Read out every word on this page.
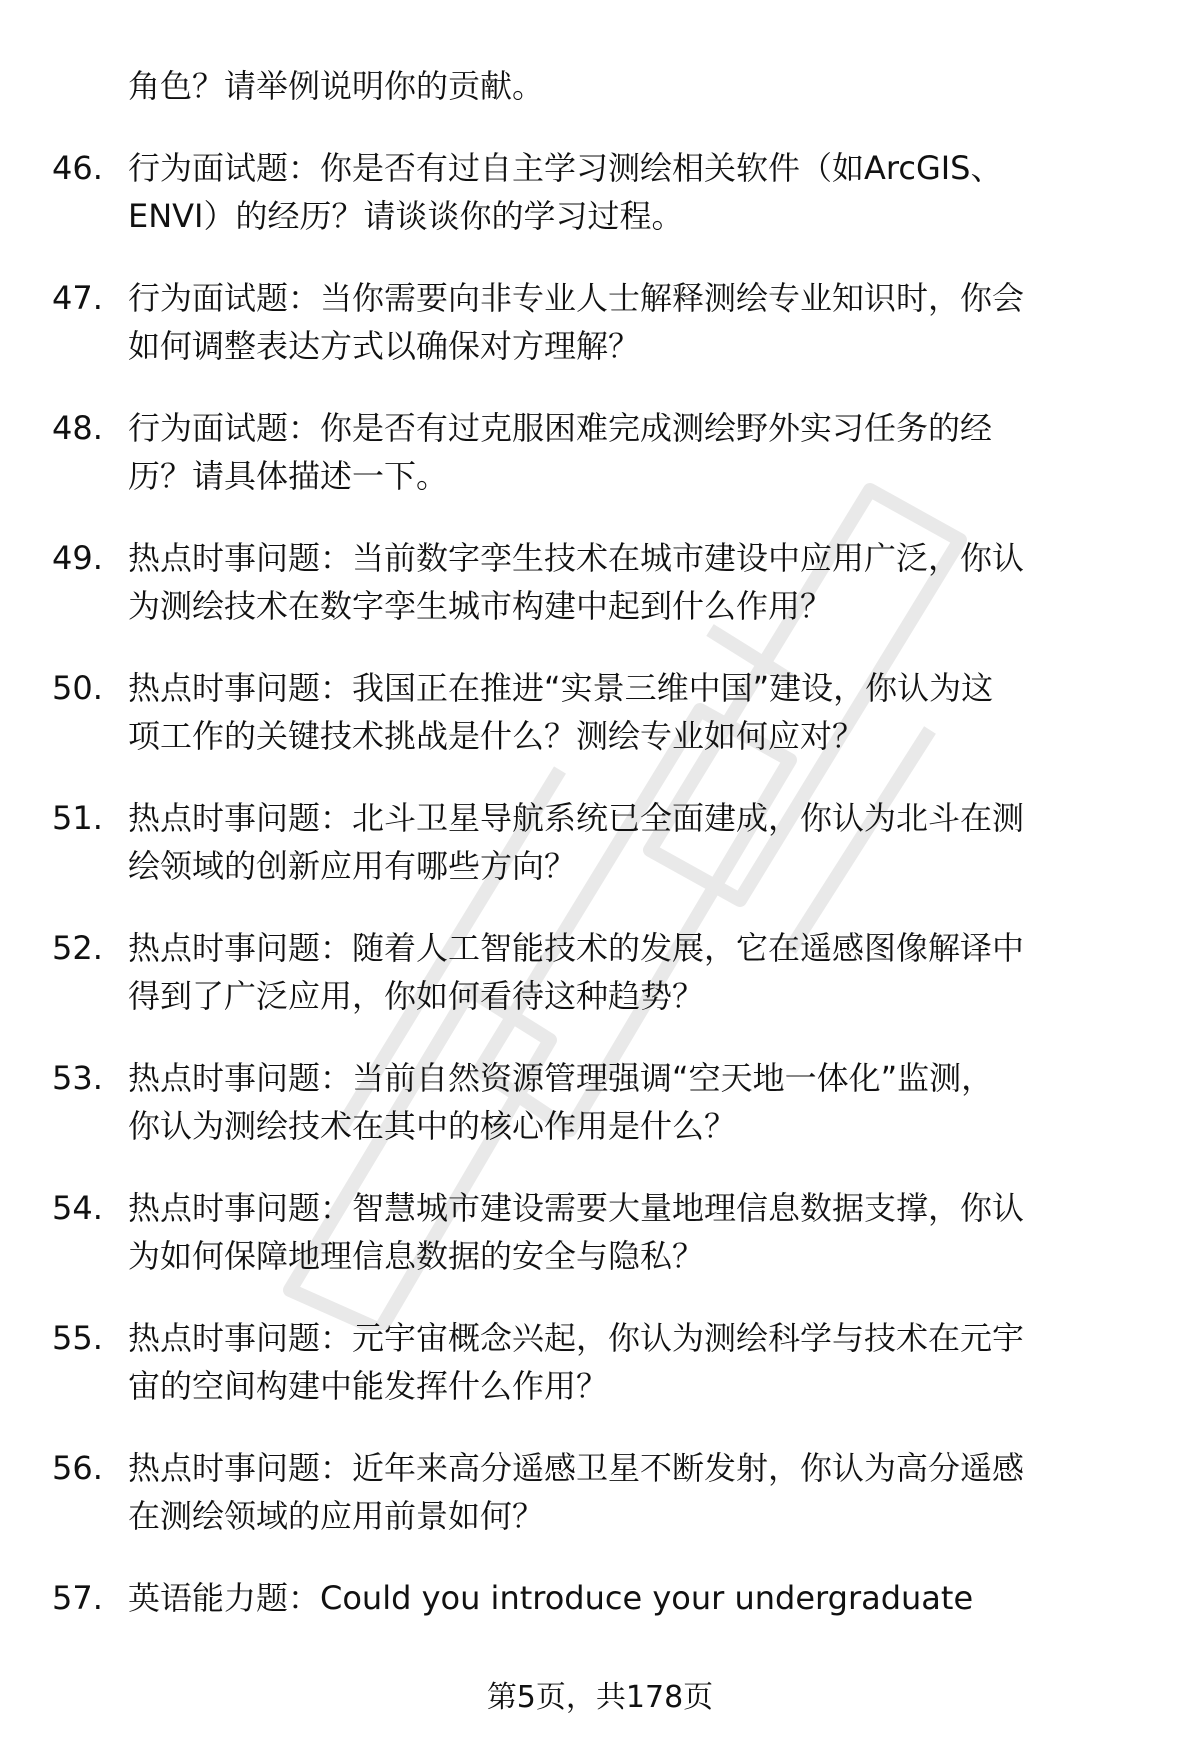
角色？请举例说明你的贡献。
46. 行为面试题：你是否有过自主学习测绘相关软件（如ArcGIS、
ENVI）的经历？请谈谈你的学习过程。
47. 行为面试题：当你需要向非专业人士解释测绘专业知识时，你会
如何调整表达方式以确保对方理解？
48. 行为面试题：你是否有过克服困难完成测绘野外实习任务的经
历？请具体描述一下。
49. 热点时事问题：当前数字孪生技术在城市建设中应用广泛，你认
为测绘技术在数字孪生城市构建中起到什么作用？
50. 热点时事问题：我国正在推进“实景三维中国”建设，你认为这
项工作的关键技术挑战是什么？测绘专业如何应对？
51. 热点时事问题：北斗卫星导航系统已全面建成，你认为北斗在测
绘领域的创新应用有哪些方向？
52. 热点时事问题：随着人工智能技术的发展，它在遥感图像解译中
得到了广泛应用，你如何看待这种趋势？
53. 热点时事问题：当前自然资源管理强调“空天地一体化”监测，
你认为测绘技术在其中的核心作用是什么？
54. 热点时事问题：智慧城市建设需要大量地理信息数据支撑，你认
为如何保障地理信息数据的安全与隐私？
55. 热点时事问题：元宇宙概念兴起，你认为测绘科学与技术在元宇
宙的空间构建中能发挥什么作用？
56. 热点时事问题：近年来高分遥感卫星不断发射，你认为高分遥感
在测绘领域的应用前景如何？
57. 英语能力题：Could you introduce your undergraduate
第5页，共178页
